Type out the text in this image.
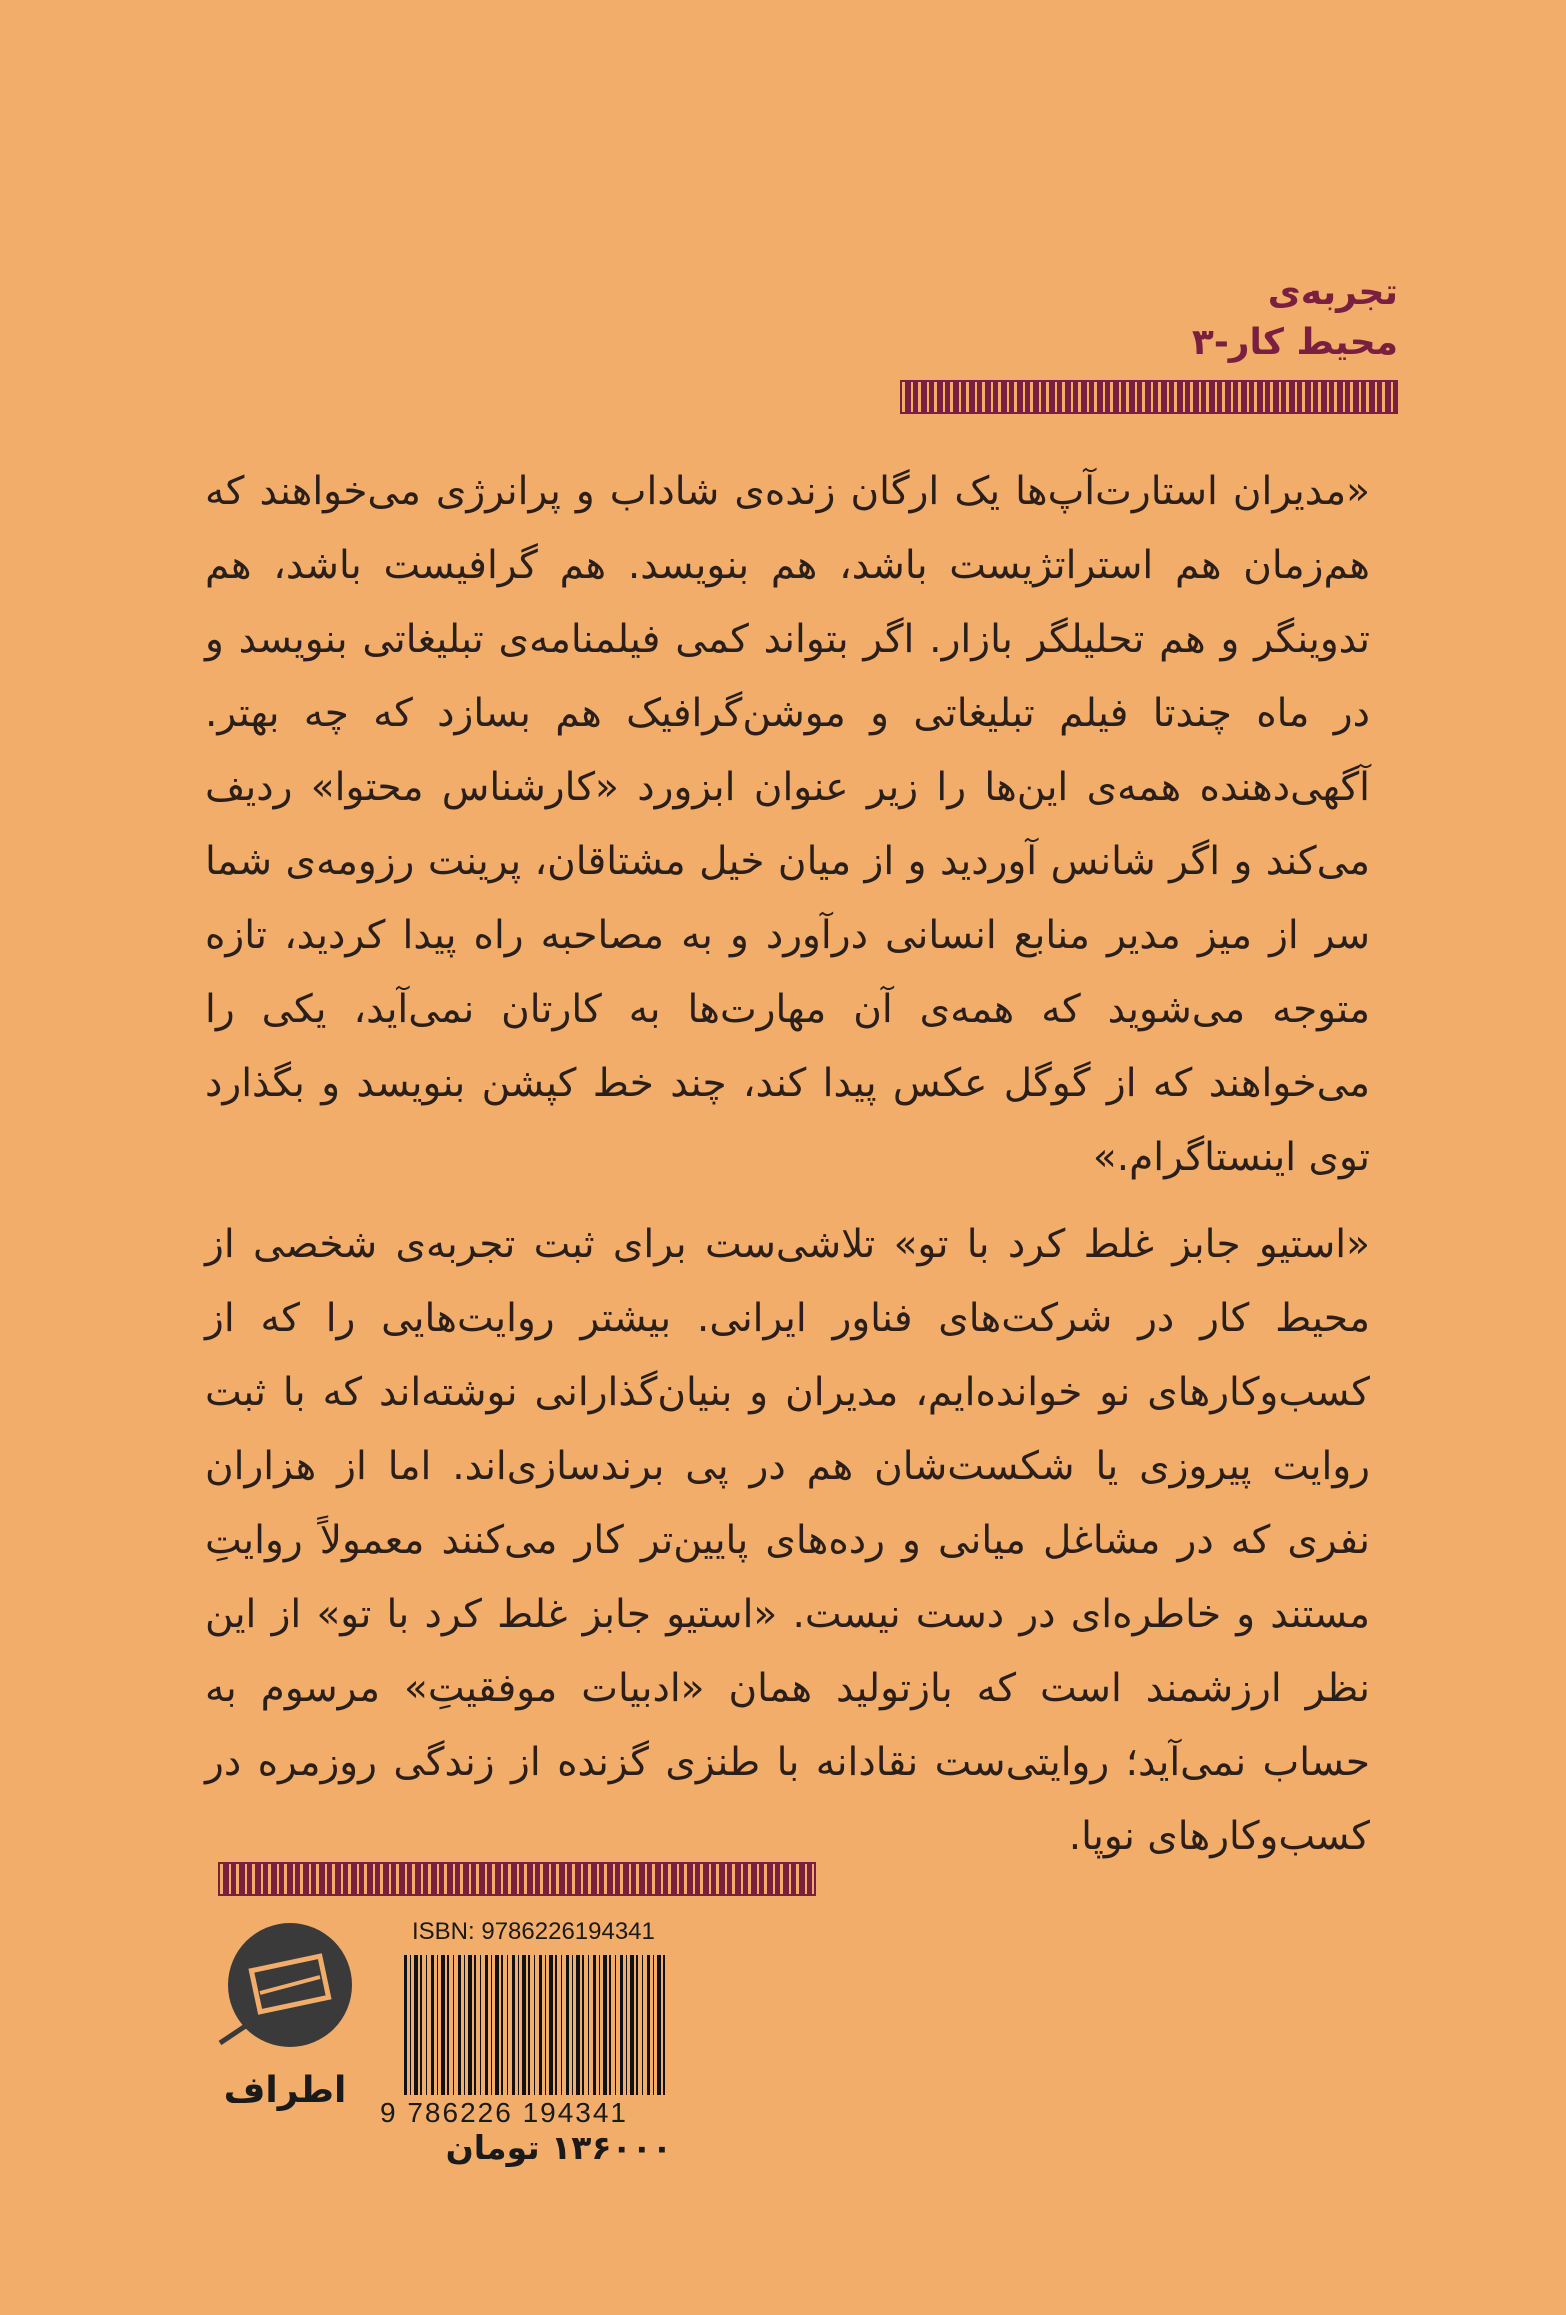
تجربه‌ی
محیط کار-۳
«مدیران استارت‌آپ‌ها یک ارگان زنده‌ی شاداب و پرانرژی می‌خواهند که هم‌زمان هم استراتژیست باشد، هم بنویسد. هم گرافیست باشد، هم تدوینگر و هم تحلیلگر بازار. اگر بتواند کمی فیلمنامه‌ی تبلیغاتی بنویسد و در ماه چندتا فیلم تبلیغاتی و موشن‌گرافیک هم بسازد که چه بهتر. آگهی‌دهنده همه‌ی این‌ها را زیر عنوان ابزورد «کارشناس محتوا» ردیف می‌کند و اگر شانس آوردید و از میان خیل مشتاقان، پرینت رزومه‌ی شما سر از میز مدیر منابع انسانی درآورد و به مصاحبه راه پیدا کردید، تازه متوجه می‌شوید که همه‌ی آن مهارت‌ها به کارتان نمی‌آید، یکی را می‌خواهند که از گوگل عکس پیدا کند، چند خط کپشن بنویسد و بگذارد توی اینستاگرام.»
«استیو جابز غلط کرد با تو» تلاشی‌ست برای ثبت تجربه‌ی شخصی از محیط کار در شرکت‌های فناور ایرانی. بیشتر روایت‌هایی را که از کسب‌وکارهای نو خوانده‌ایم، مدیران و بنیان‌گذارانی نوشته‌اند که با ثبت روایت پیروزی یا شکست‌شان هم در پی برندسازی‌اند. اما از هزاران نفری که در مشاغل میانی و رده‌های پایین‌تر کار می‌کنند معمولاً روایتِ مستند و خاطره‌ای در دست نیست. «استیو جابز غلط کرد با تو» از این نظر ارزشمند است که بازتولید همان «ادبیات موفقیتِ» مرسوم به حساب نمی‌آید؛ روایتی‌ست نقادانه با طنزی گزنده از زندگی روزمره در کسب‌وکارهای نوپا.
اطراف
ISBN: 9786226194341
9 786226 194341
۱۳۶۰۰۰ تومان
